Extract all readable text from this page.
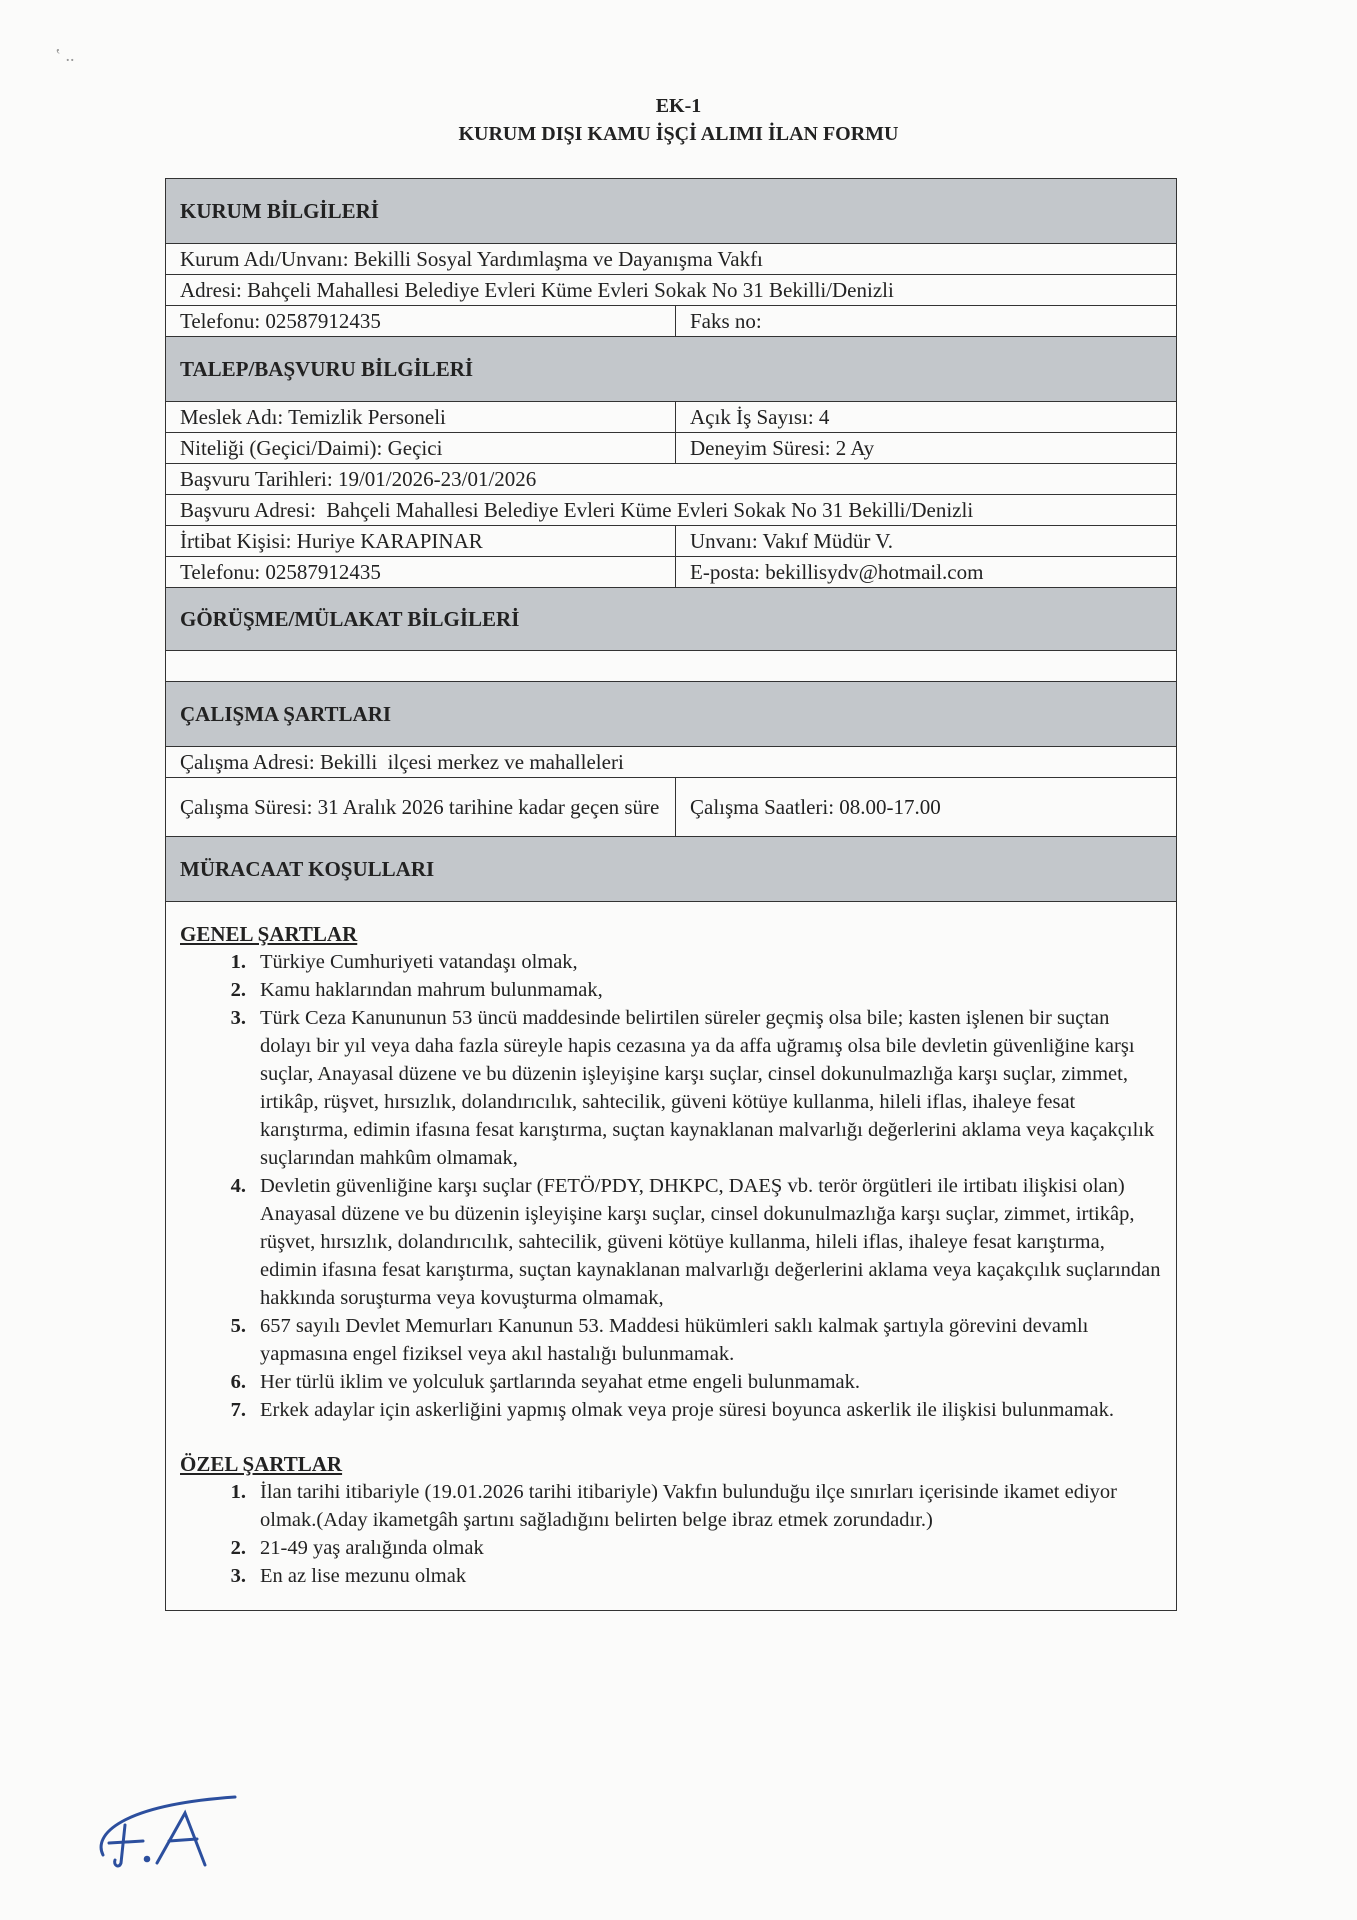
‛ ..
EK-1
KURUM DIŞI KAMU İŞÇİ ALIMI İLAN FORMU
KURUM BİLGİLERİ
Kurum Adı/Unvanı: Bekilli Sosyal Yardımlaşma ve Dayanışma Vakfı
Adresi: Bahçeli Mahallesi Belediye Evleri Küme Evleri Sokak No 31 Bekilli/Denizli
Telefonu: 02587912435	Faks no:
TALEP/BAŞVURU BİLGİLERİ
Meslek Adı: Temizlik Personeli	Açık İş Sayısı: 4
Niteliği (Geçici/Daimi): Geçici	Deneyim Süresi: 2 Ay
Başvuru Tarihleri: 19/01/2026-23/01/2026
Başvuru Adresi:  Bahçeli Mahallesi Belediye Evleri Küme Evleri Sokak No 31 Bekilli/Denizli
İrtibat Kişisi: Huriye KARAPINAR	Unvanı: Vakıf Müdür V.
Telefonu: 02587912435	E-posta: bekillisydv@hotmail.com
GÖRÜŞME/MÜLAKAT BİLGİLERİ
ÇALIŞMA ŞARTLARI
Çalışma Adresi: Bekilli  ilçesi merkez ve mahalleleri
Çalışma Süresi: 31 Aralık 2026 tarihine kadar geçen süre	Çalışma Saatleri: 08.00-17.00
MÜRACAAT KOŞULLARI
GENEL ŞARTLAR
1. Türkiye Cumhuriyeti vatandaşı olmak,
2. Kamu haklarından mahrum bulunmamak,
3. Türk Ceza Kanununun 53 üncü maddesinde belirtilen süreler geçmiş olsa bile; kasten işlenen bir suçtan dolayı bir yıl veya daha fazla süreyle hapis cezasına ya da affa uğramış olsa bile devletin güvenliğine karşı suçlar, Anayasal düzene ve bu düzenin işleyişine karşı suçlar, cinsel dokunulmazlığa karşı suçlar, zimmet, irtikâp, rüşvet, hırsızlık, dolandırıcılık, sahtecilik, güveni kötüye kullanma, hileli iflas, ihaleye fesat karıştırma, edimin ifasına fesat karıştırma, suçtan kaynaklanan malvarlığı değerlerini aklama veya kaçakçılık suçlarından mahkûm olmamak,
4. Devletin güvenliğine karşı suçlar (FETÖ/PDY, DHKPC, DAEŞ vb. terör örgütleri ile irtibatı ilişkisi olan) Anayasal düzene ve bu düzenin işleyişine karşı suçlar, cinsel dokunulmazlığa karşı suçlar, zimmet, irtikâp, rüşvet, hırsızlık, dolandırıcılık, sahtecilik, güveni kötüye kullanma, hileli iflas, ihaleye fesat karıştırma, edimin ifasına fesat karıştırma, suçtan kaynaklanan malvarlığı değerlerini aklama veya kaçakçılık suçlarından hakkında soruşturma veya kovuşturma olmamak,
5. 657 sayılı Devlet Memurları Kanunun 53. Maddesi hükümleri saklı kalmak şartıyla görevini devamlı yapmasına engel fiziksel veya akıl hastalığı bulunmamak.
6. Her türlü iklim ve yolculuk şartlarında seyahat etme engeli bulunmamak.
7. Erkek adaylar için askerliğini yapmış olmak veya proje süresi boyunca askerlik ile ilişkisi bulunmamak.
ÖZEL ŞARTLAR
1. İlan tarihi itibariyle (19.01.2026 tarihi itibariyle) Vakfın bulunduğu ilçe sınırları içerisinde ikamet ediyor olmak.(Aday ikametgâh şartını sağladığını belirten belge ibraz etmek zorundadır.)
2. 21-49 yaş aralığında olmak
3. En az lise mezunu olmak
